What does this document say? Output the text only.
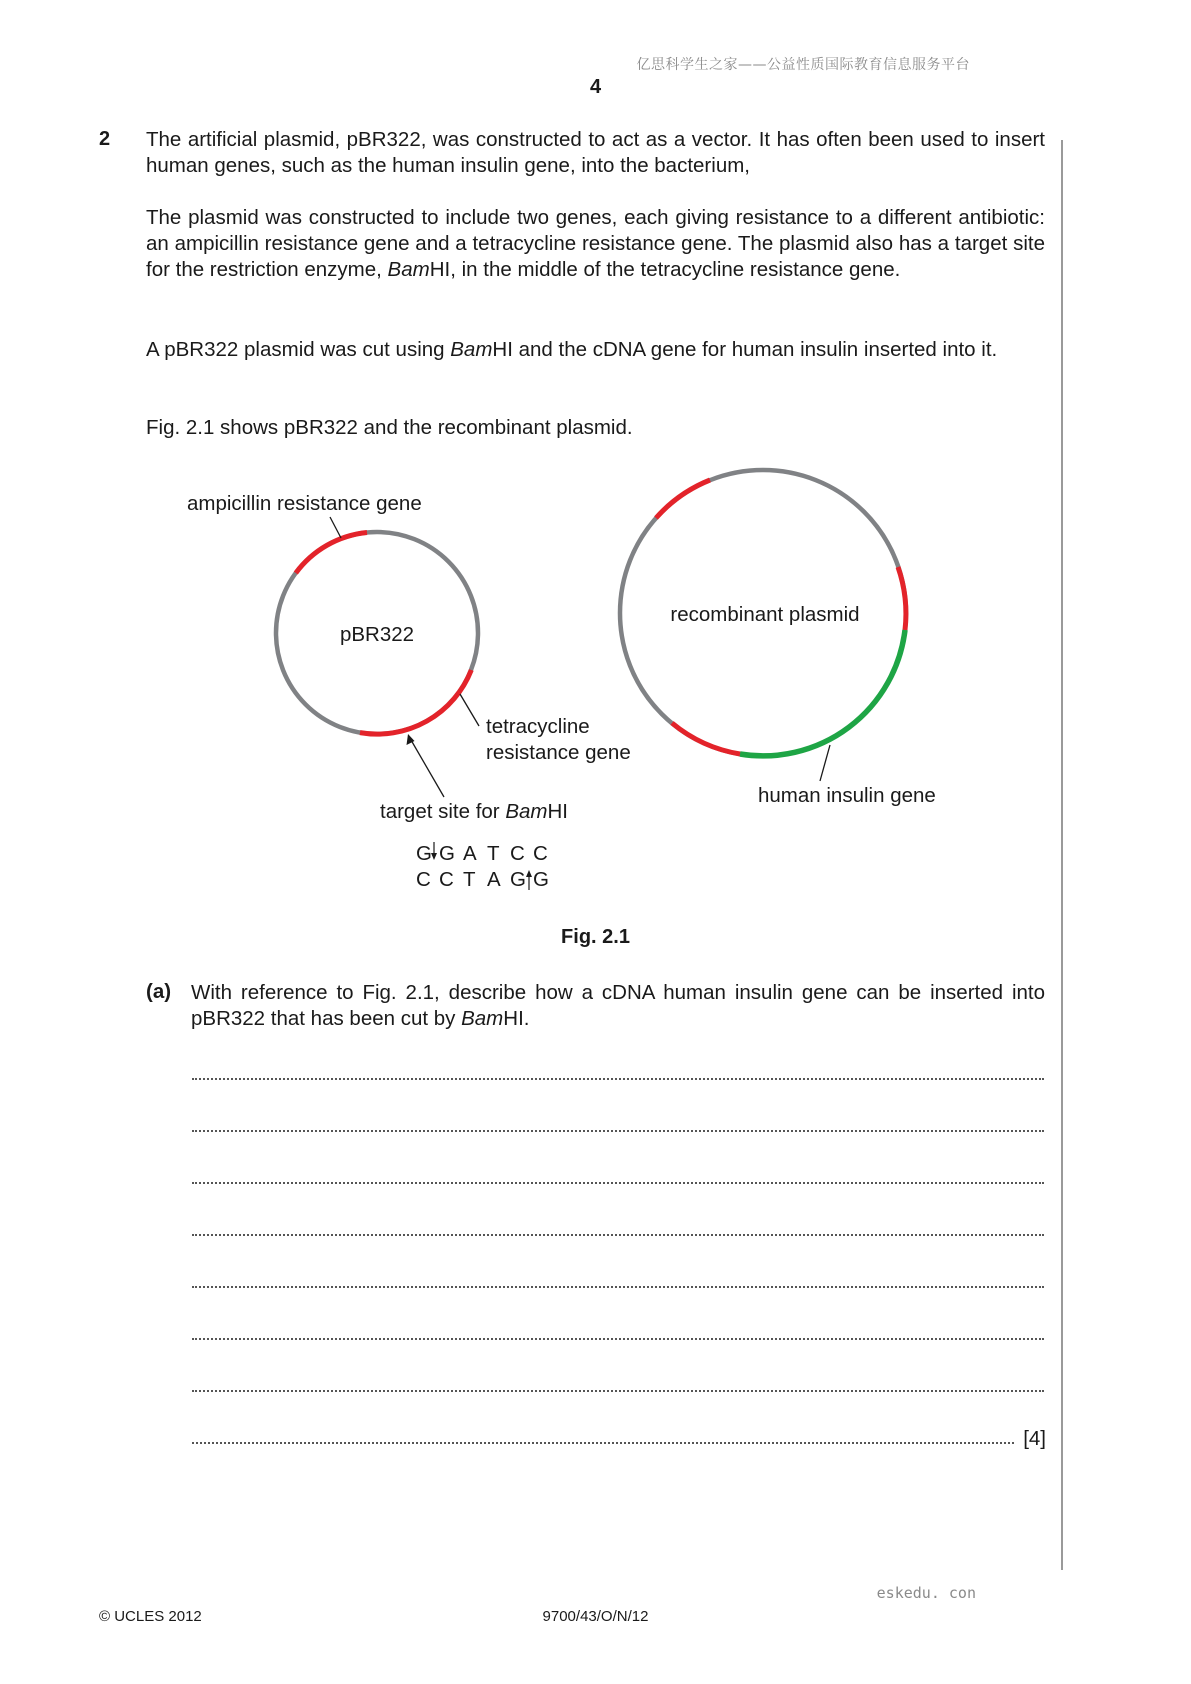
亿思科学生之家——公益性质国际教育信息服务平台
4
2 The artificial plasmid, pBR322, was constructed to act as a vector. It has often been used to insert human genes, such as the human insulin gene, into the bacterium,
The plasmid was constructed to include two genes, each giving resistance to a different antibiotic: an ampicillin resistance gene and a tetracycline resistance gene. The plasmid also has a target site for the restriction enzyme, BamHI, in the middle of the tetracycline resistance gene.
A pBR322 plasmid was cut using BamHI and the cDNA gene for human insulin inserted into it.
Fig. 2.1 shows pBR322 and the recombinant plasmid.
pBR322
ampicillin resistance gene
tetracycline
resistance gene
target site for BamHI
G G A T C C
C C T A G G
recombinant plasmid
human insulin gene
Fig. 2.1
(a) With reference to Fig. 2.1, describe how a cDNA human insulin gene can be inserted into pBR322 that has been cut by BamHI.
[4]
eskedu. con
© UCLES 2012	9700/43/O/N/12
